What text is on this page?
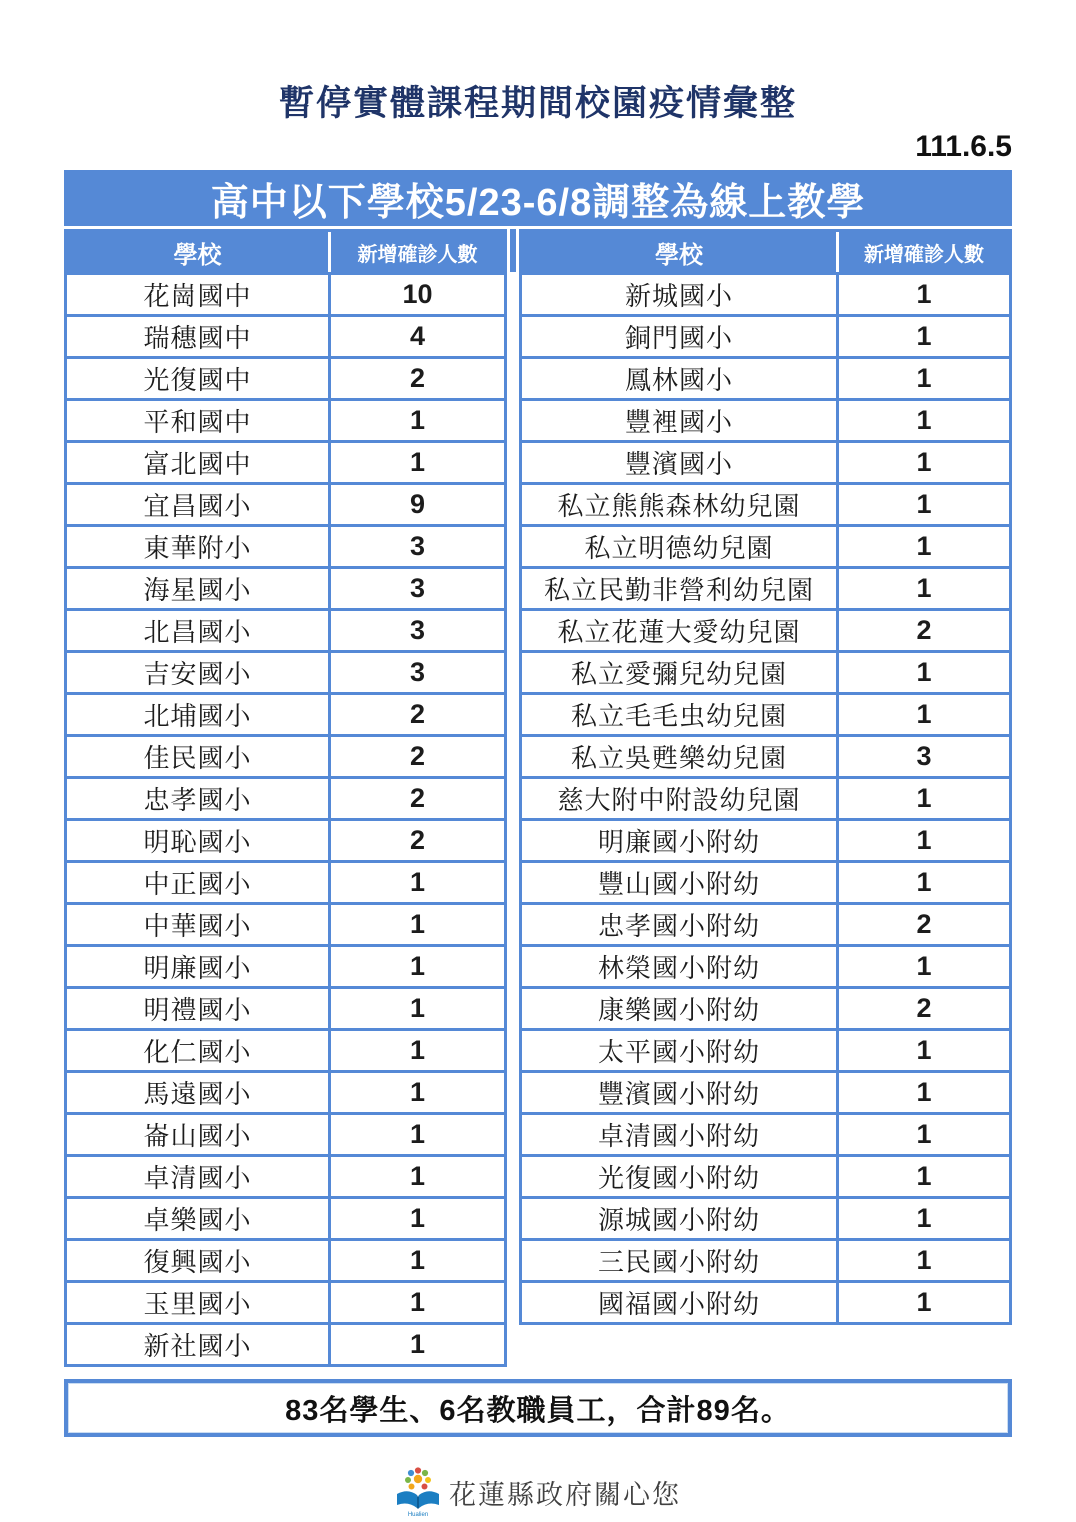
暫停實體課程期間校園疫情彙整
111.6.5
高中以下學校5/23-6/8調整為線上教學
學校	新增確診人數
花崗國中	10
瑞穗國中	4
光復國中	2
平和國中	1
富北國中	1
宜昌國小	9
東華附小	3
海星國小	3
北昌國小	3
吉安國小	3
北埔國小	2
佳民國小	2
忠孝國小	2
明恥國小	2
中正國小	1
中華國小	1
明廉國小	1
明禮國小	1
化仁國小	1
馬遠國小	1
崙山國小	1
卓清國小	1
卓樂國小	1
復興國小	1
玉里國小	1
新社國小	1
學校	新增確診人數
新城國小	1
銅門國小	1
鳳林國小	1
豐裡國小	1
豐濱國小	1
私立熊熊森林幼兒園	1
私立明德幼兒園	1
私立民勤非營利幼兒園	1
私立花蓮大愛幼兒園	2
私立愛彌兒幼兒園	1
私立毛毛虫幼兒園	1
私立吳甦樂幼兒園	3
慈大附中附設幼兒園	1
明廉國小附幼	1
豐山國小附幼	1
忠孝國小附幼	2
林榮國小附幼	1
康樂國小附幼	2
太平國小附幼	1
豐濱國小附幼	1
卓清國小附幼	1
光復國小附幼	1
源城國小附幼	1
三民國小附幼	1
國福國小附幼	1
83名學生、6名教職員工，合計89名。
Hualien
花蓮縣政府關心您
